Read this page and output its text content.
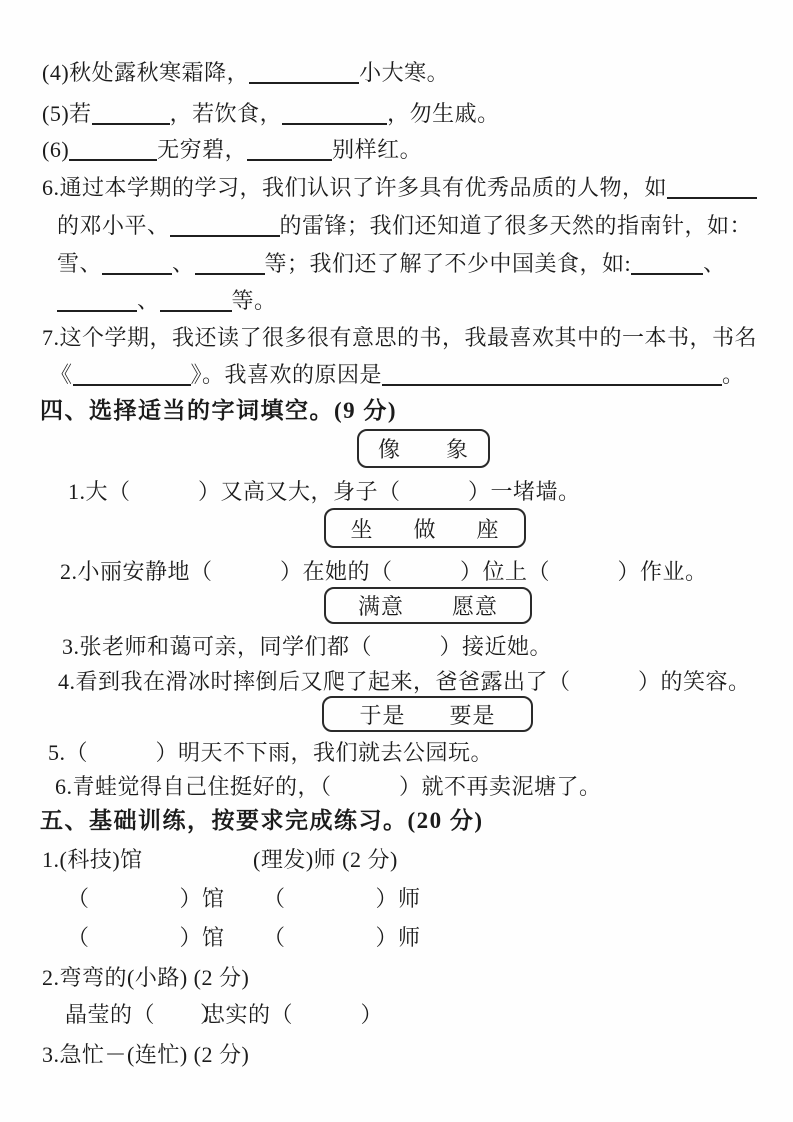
(4)秋处露秋寒霜降，	小大寒。
(5)若	，若饮食，	，勿生戚。
(6)	无穷碧，	别样红。
6.通过本学期的学习，我们认识了许多具有优秀品质的人物，如
的邓小平、	的雷锋；我们还知道了很多天然的指南针，如：
雪、	、	等；我们还了解了不少中国美食，如:	、
、	等。
7.这个学期，我还读了很多很有意思的书，我最喜欢其中的一本书，书名
《	》。我喜欢的原因是	。
四、选择适当的字词填空。(9 分)
像 象
1.大（　　　）又高又大，身子（　　　）一堵墙。
坐 做 座
2.小丽安静地（　　　）在她的（　　　）位上（　　　）作业。
满意 愿意
3.张老师和蔼可亲，同学们都（　　　）接近她。
4.看到我在滑冰时摔倒后又爬了起来，爸爸露出了（　　　）的笑容。
于是 要是
5.（　　　）明天不下雨，我们就去公园玩。
6.青蛙觉得自己住挺好的，（　　　）就不再卖泥塘了。
五、基础训练，按要求完成练习。(20 分)
1.(科技)馆	(理发)师 (2 分)
（　　　　）馆 （　　　　）师
（　　　　）馆 （　　　　）师
2.弯弯的(小路) (2 分)
晶莹的（　　）
忠实的（　　　）
3.急忙－(连忙) (2 分)
